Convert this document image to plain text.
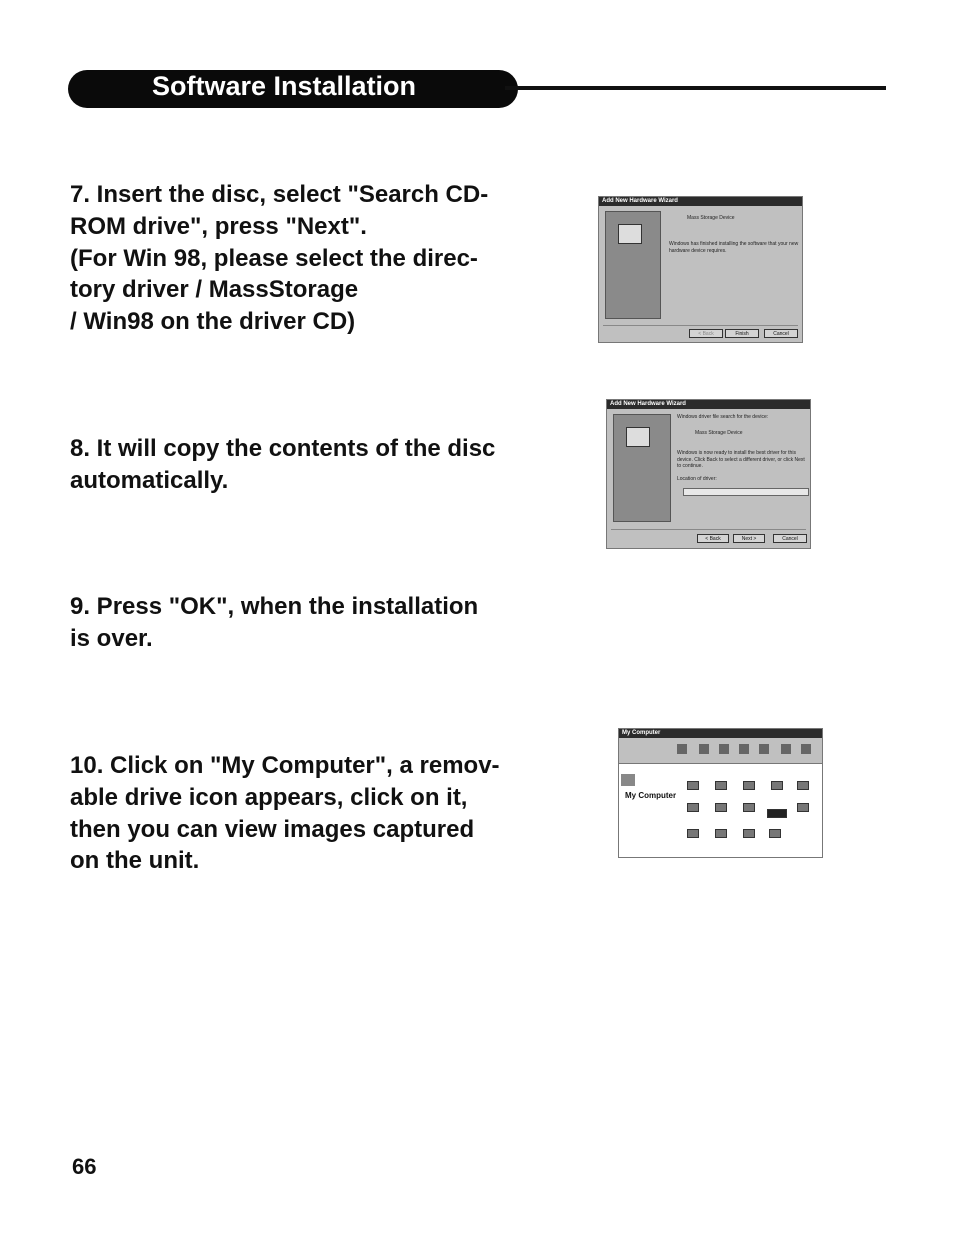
Software Installation

7. Insert the disc, select "Search CD-

ROM drive", press "Next".

(For Win 98, please select the direc-

tory driver / MassStorage

/ Win98 on the driver CD)

8. It will copy the contents of the disc

automatically.

9. Press "OK", when the installation

is over.

10. Click on "My Computer", a remov-

able drive icon appears, click on it,

then you can view images captured

on the unit.

Add New Hardware Wizard
Mass Storage Device
Windows has finished installing the software that your new hardware device requires.
< Back	Finish	Cancel
Add New Hardware Wizard
Windows driver file search for the device:
Mass Storage Device
Windows is now ready to install the best driver for this device. Click Back to select a different driver, or click Next to continue.
Location of driver:
< Back	Next >	Cancel
My Computer
My Computer
66
